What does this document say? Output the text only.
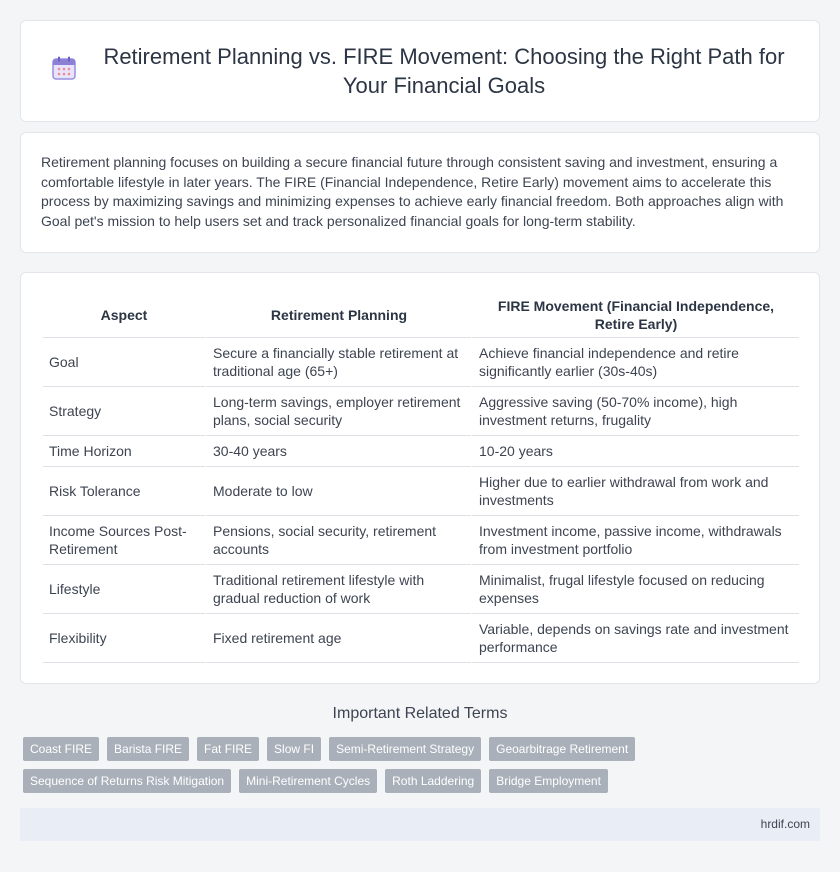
Retirement Planning vs. FIRE Movement: Choosing the Right Path for Your Financial Goals

Retirement planning focuses on building a secure financial future through consistent saving and investment, ensuring a comfortable lifestyle in later years. The FIRE (Financial Independence, Retire Early) movement aims to accelerate this process by maximizing savings and minimizing expenses to achieve early financial freedom. Both approaches align with Goal pet's mission to help users set and track personalized financial goals for long-term stability.

Aspect	Retirement Planning	FIRE Movement (Financial Independence, Retire Early)
Goal	Secure a financially stable retirement at traditional age (65+)	Achieve financial independence and retire significantly earlier (30s-40s)
Strategy	Long-term savings, employer retirement plans, social security	Aggressive saving (50-70% income), high investment returns, frugality
Time Horizon	30-40 years	10-20 years
Risk Tolerance	Moderate to low	Higher due to earlier withdrawal from work and investments
Income Sources Post-Retirement	Pensions, social security, retirement accounts	Investment income, passive income, withdrawals from investment portfolio
Lifestyle	Traditional retirement lifestyle with gradual reduction of work	Minimalist, frugal lifestyle focused on reducing expenses
Flexibility	Fixed retirement age	Variable, depends on savings rate and investment performance
Important Related Terms
Coast FIRE	Barista FIRE	Fat FIRE	Slow FI	Semi-Retirement Strategy	Geoarbitrage Retirement
Sequence of Returns Risk Mitigation	Mini-Retirement Cycles	Roth Laddering	Bridge Employment
hrdif.com
